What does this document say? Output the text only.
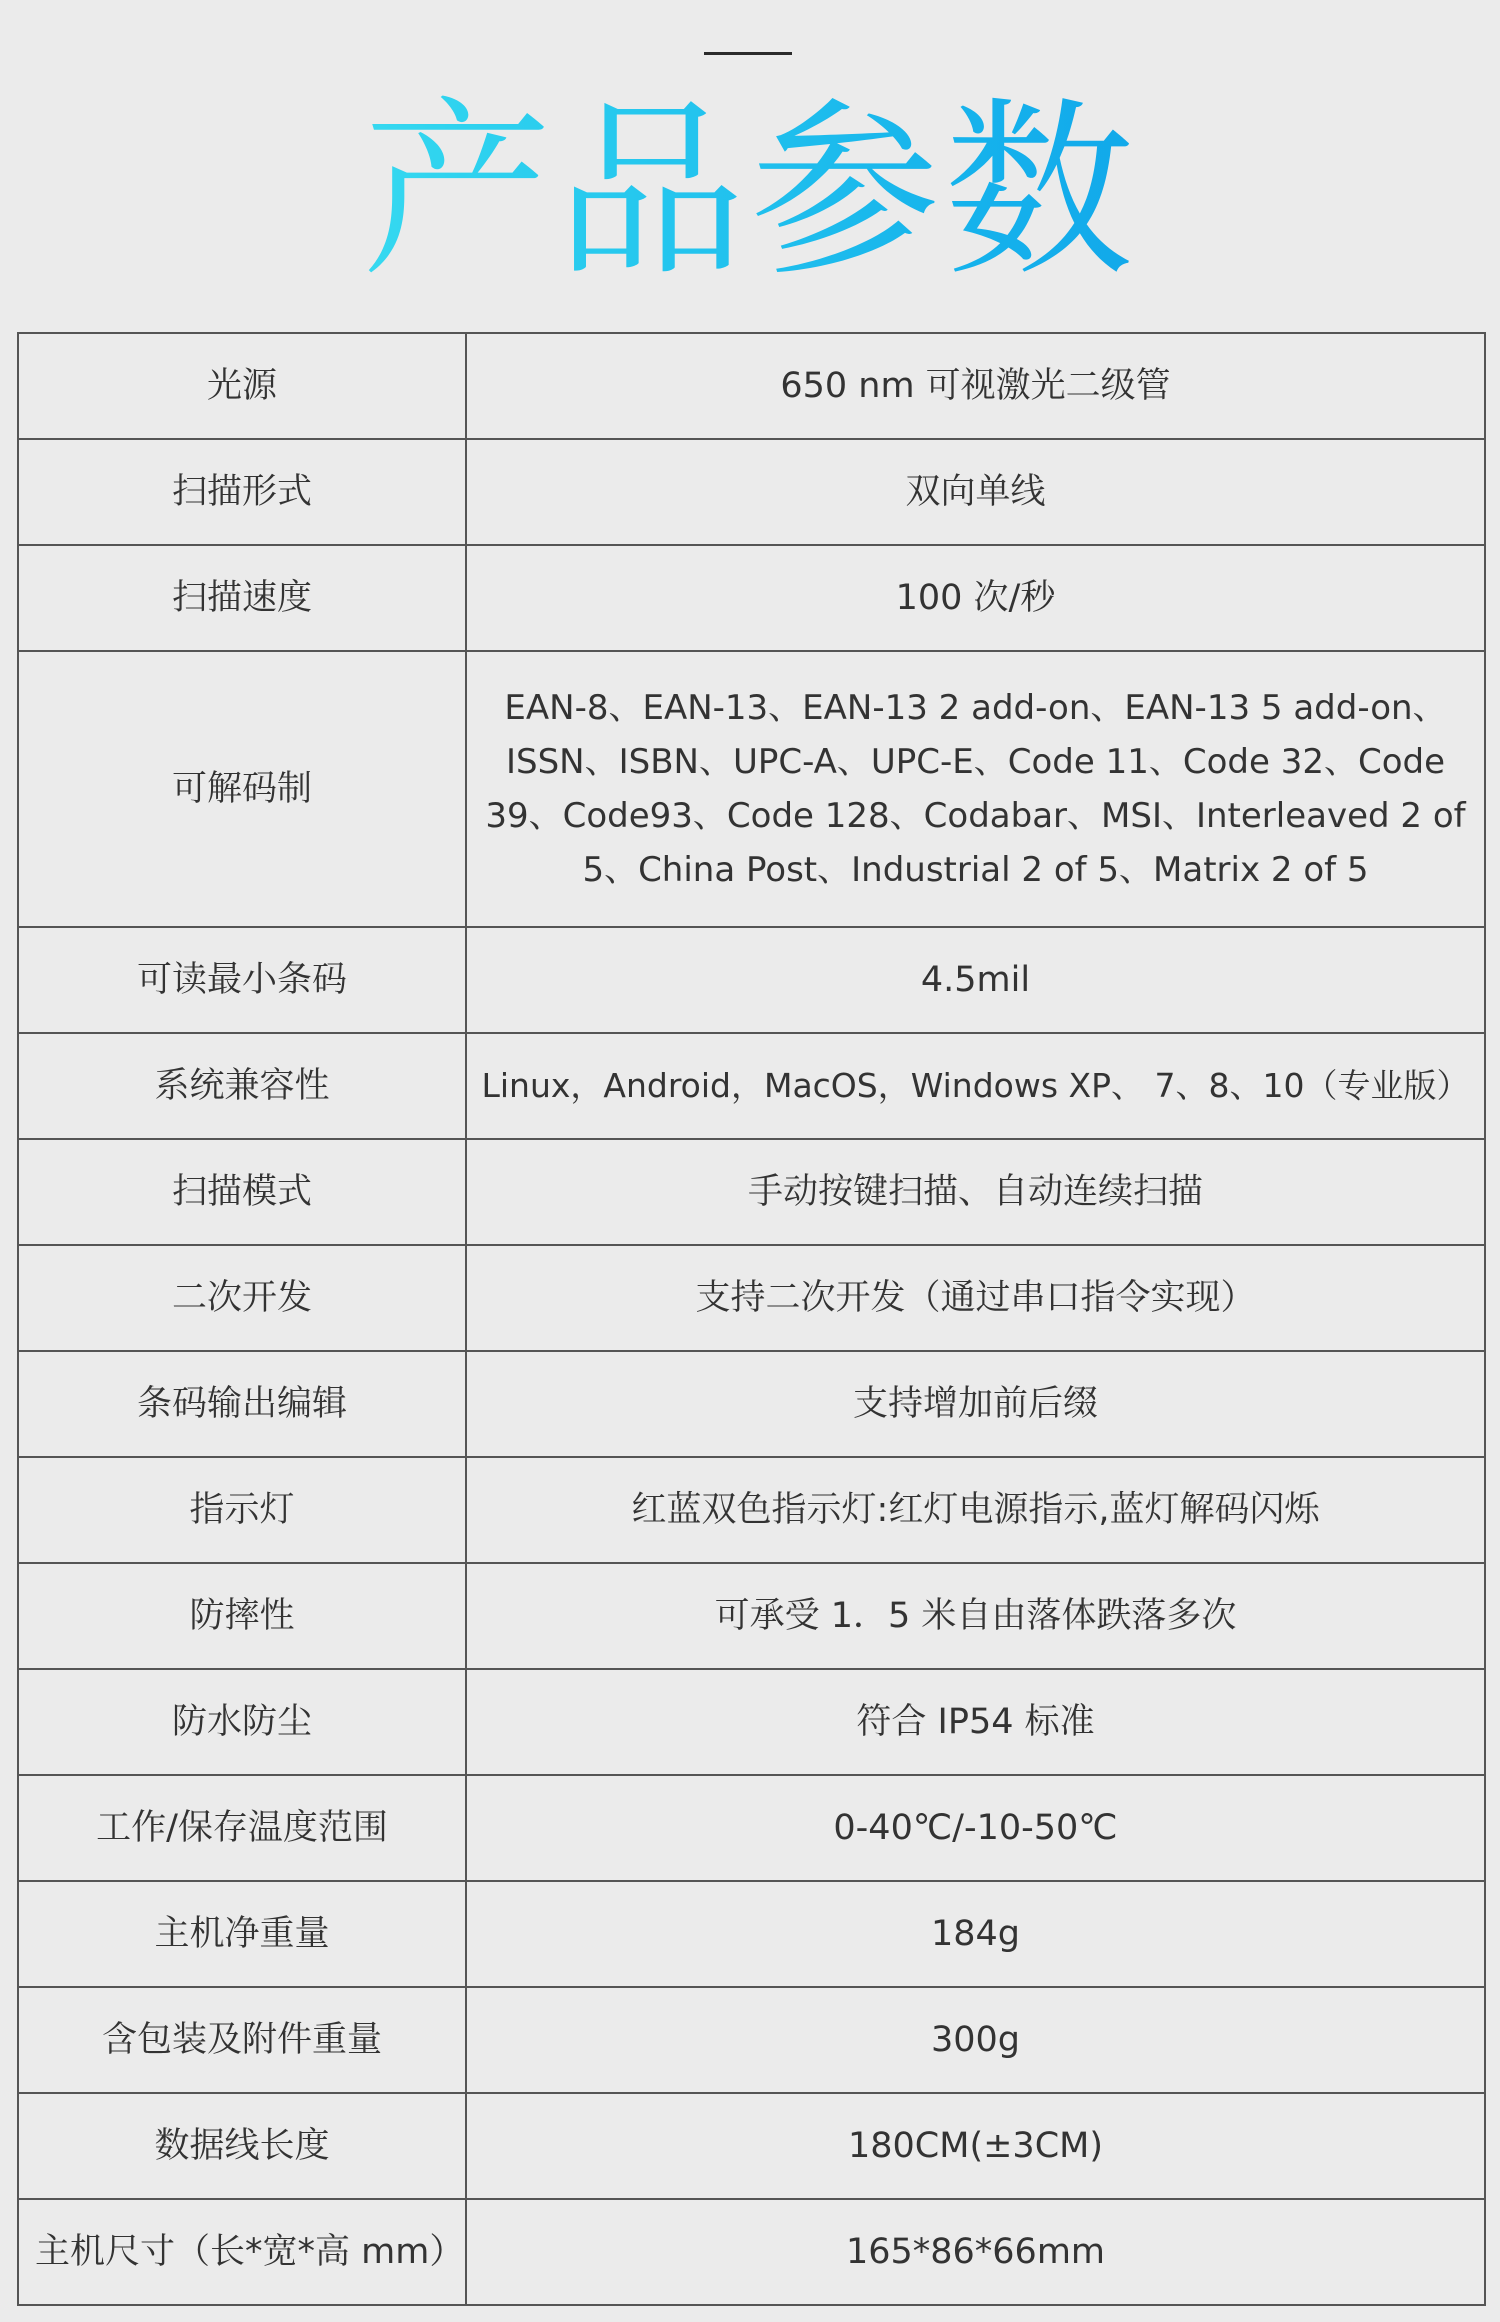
产品参数
光源	650 nm 可视激光二级管
扫描形式	双向单线
扫描速度	100 次/秒
可解码制	EAN-8、EAN-13、EAN-13 2 add-on、EAN-13 5 add-on、ISSN、ISBN、UPC-A、UPC-E、Code 11、Code 32、Code 39、Code93、Code 128、Codabar、MSI、Interleaved 2 of 5、China Post、Industrial 2 of 5、Matrix 2 of 5
可读最小条码	4.5mil
系统兼容性	Linux，Android，MacOS，Windows XP、 7、8、10（专业版）
扫描模式	手动按键扫描、自动连续扫描
二次开发	支持二次开发（通过串口指令实现）
条码输出编辑	支持增加前后缀
指示灯	红蓝双色指示灯:红灯电源指示,蓝灯解码闪烁
防摔性	可承受 1．5 米自由落体跌落多次
防水防尘	符合 IP54 标准
工作/保存温度范围	0-40℃/-10-50℃
主机净重量	184g
含包装及附件重量	300g
数据线长度	180CM(±3CM)
主机尺寸（长*宽*高 mm）	165*86*66mm
